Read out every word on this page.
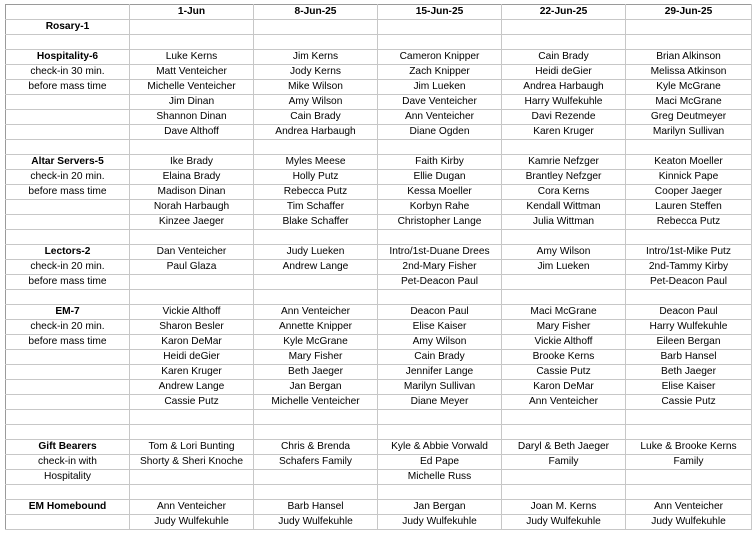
	1-Jun	8-Jun-25	15-Jun-25	22-Jun-25	29-Jun-25
Rosary-1					

Hospitality-6	Luke Kerns	Jim Kerns	Cameron Knipper	Cain Brady	Brian Alkinson
check-in 30 min.	Matt Venteicher	Jody Kerns	Zach Knipper	Heidi deGier	Melissa Atkinson
before mass time	Michelle Venteicher	Mike Wilson	Jim Lueken	Andrea Harbaugh	Kyle McGrane
	Jim Dinan	Amy Wilson	Dave Venteicher	Harry Wulfekuhle	Maci McGrane
	Shannon Dinan	Cain Brady	Ann Venteicher	Davi Rezende	Greg Deutmeyer
	Dave Althoff	Andrea Harbaugh	Diane Ogden	Karen Kruger	Marilyn Sullivan

Altar Servers-5	Ike Brady	Myles Meese	Faith Kirby	Kamrie Nefzger	Keaton Moeller
check-in 20 min.	Elaina Brady	Holly Putz	Ellie Dugan	Brantley Nefzger	Kinnick Pape
before mass time	Madison Dinan	Rebecca Putz	Kessa Moeller	Cora Kerns	Cooper Jaeger
	Norah Harbaugh	Tim Schaffer	Korbyn Rahe	Kendall Wittman	Lauren Steffen
	Kinzee Jaeger	Blake Schaffer	Christopher Lange	Julia Wittman	Rebecca Putz

Lectors-2	Dan Venteicher	Judy Lueken	Intro/1st-Duane Drees	Amy Wilson	Intro/1st-Mike Putz
check-in 20 min.	Paul Glaza	Andrew Lange	2nd-Mary Fisher	Jim Lueken	2nd-Tammy Kirby
before mass time			Pet-Deacon Paul		Pet-Deacon Paul

EM-7	Vickie Althoff	Ann Venteicher	Deacon Paul	Maci McGrane	Deacon Paul
check-in 20 min.	Sharon Besler	Annette Knipper	Elise Kaiser	Mary Fisher	Harry Wulfekuhle
before mass time	Karon DeMar	Kyle McGrane	Amy Wilson	Vickie Althoff	Eileen Bergan
	Heidi deGier	Mary Fisher	Cain Brady	Brooke Kerns	Barb Hansel
	Karen Kruger	Beth Jaeger	Jennifer Lange	Cassie Putz	Beth Jaeger
	Andrew Lange	Jan Bergan	Marilyn Sullivan	Karon DeMar	Elise Kaiser
	Cassie Putz	Michelle Venteicher	Diane Meyer	Ann Venteicher	Cassie Putz

Gift Bearers	Tom & Lori Bunting	Chris & Brenda	Kyle & Abbie Vorwald	Daryl & Beth Jaeger	Luke & Brooke Kerns
check-in with	Shorty & Sheri Knoche	Schafers Family	Ed Pape	Family	Family
Hospitality			Michelle Russ		

EM Homebound	Ann Venteicher	Barb Hansel	Jan Bergan	Joan M. Kerns	Ann Venteicher
	Judy Wulfekuhle	Judy Wulfekuhle	Judy Wulfekuhle	Judy Wulfekuhle	Judy Wulfekuhle
